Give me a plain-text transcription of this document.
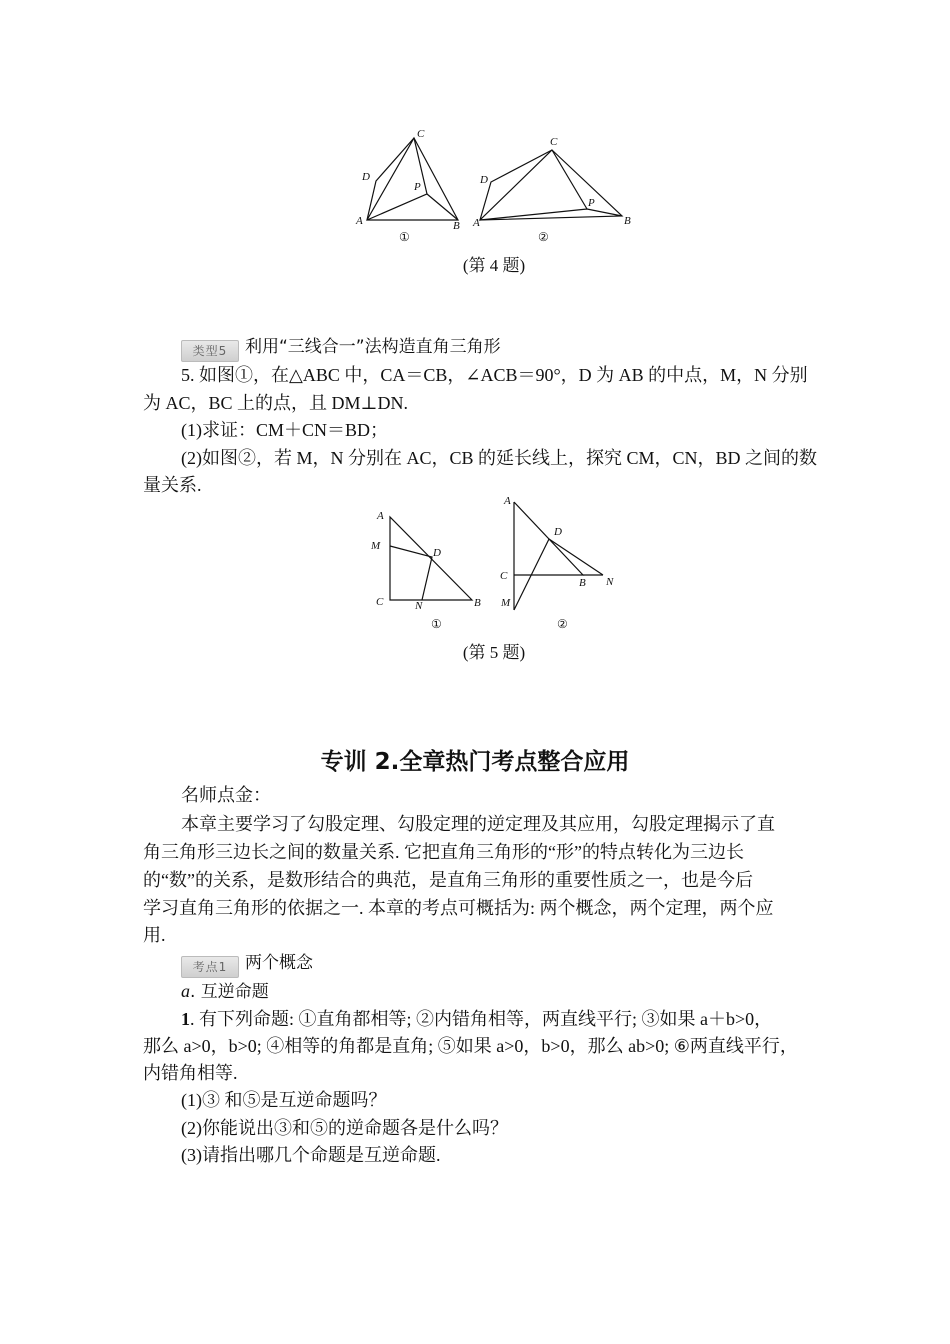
C
D
P
A	B
①
C
D
P
A	B
②
(第 4 题)
类型5 利用“三线合一”法构造直角三角形
5. 如图①，在△ABC 中，CA＝CB，∠ACB＝90°，D 为 AB 的中点，M，N 分别
为 AC，BC 上的点，且 DM⊥DN.
(1)求证：CM＋CN＝BD；
(2)如图②，若 M，N 分别在 AC，CB 的延长线上，探究 CM，CN，BD 之间的数
量关系.
A
M
D
C	N	B
①
A
D
C
B N
M
②
(第 5 题)
专训 2.全章热门考点整合应用
名师点金：
本章主要学习了勾股定理、勾股定理的逆定理及其应用，勾股定理揭示了直
角三角形三边长之间的数量关系. 它把直角三角形的“形”的特点转化为三边长
的“数”的关系，是数形结合的典范，是直角三角形的重要性质之一，也是今后
学习直角三角形的依据之一. 本章的考点可概括为: 两个概念，两个定理，两个应
用.
考点1 两个概念
a. 互逆命题
1. 有下列命题: ①直角都相等; ②内错角相等，两直线平行; ③如果 a＋b>0，
那么 a>0，b>0; ④相等的角都是直角; ⑤如果 a>0，b>0，那么 ab>0; ⑥两直线平行，
内错角相等.
(1)③ 和⑤是互逆命题吗？
(2)你能说出③和⑤的逆命题各是什么吗？
(3)请指出哪几个命题是互逆命题.
